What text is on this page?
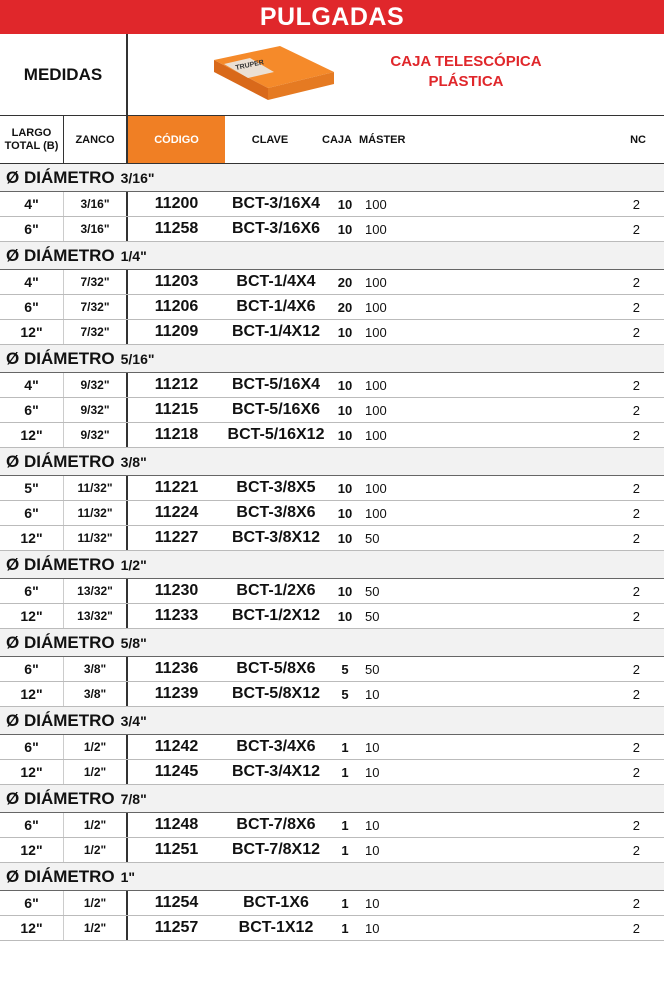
PULGADAS
MEDIDAS	TRUPER	CAJA TELESCÓPICA
PLÁSTICA
LARGO
TOTAL (B)	ZANCO	CÓDIGO	CLAVE	CAJA MÁSTER	NC
Ø DIÁMETRO 3/16"
4"	3/16"	11200	BCT-3/16X4	10 100	2
6"	3/16"	11258	BCT-3/16X6	10 100	2
Ø DIÁMETRO 1/4"
4"	7/32"	11203	BCT-1/4X4	20 100	2
6"	7/32"	11206	BCT-1/4X6	20 100	2
12"	7/32"	11209	BCT-1/4X12	10 100	2
Ø DIÁMETRO 5/16"
4"	9/32"	11212	BCT-5/16X4	10 100	2
6"	9/32"	11215	BCT-5/16X6	10 100	2
12"	9/32"	11218	BCT-5/16X12	10 100	2
Ø DIÁMETRO 3/8"
5"	11/32"	11221	BCT-3/8X5	10 100	2
6"	11/32"	11224	BCT-3/8X6	10 100	2
12"	11/32"	11227	BCT-3/8X12	10 50	2
Ø DIÁMETRO 1/2"
6"	13/32"	11230	BCT-1/2X6	10 50	2
12"	13/32"	11233	BCT-1/2X12	10 50	2
Ø DIÁMETRO 5/8"
6"	3/8"	11236	BCT-5/8X6	5	50	2
12"	3/8"	11239	BCT-5/8X12	5	10	2
Ø DIÁMETRO 3/4"
6"	1/2"	11242	BCT-3/4X6	1	10	2
12"	1/2"	11245	BCT-3/4X12	1	10	2
Ø DIÁMETRO 7/8"
6"	1/2"	11248	BCT-7/8X6	1	10	2
12"	1/2"	11251	BCT-7/8X12	1	10	2
Ø DIÁMETRO 1"
6"	1/2"	11254	BCT-1X6	1	10	2
12"	1/2"	11257	BCT-1X12	1	10	2
